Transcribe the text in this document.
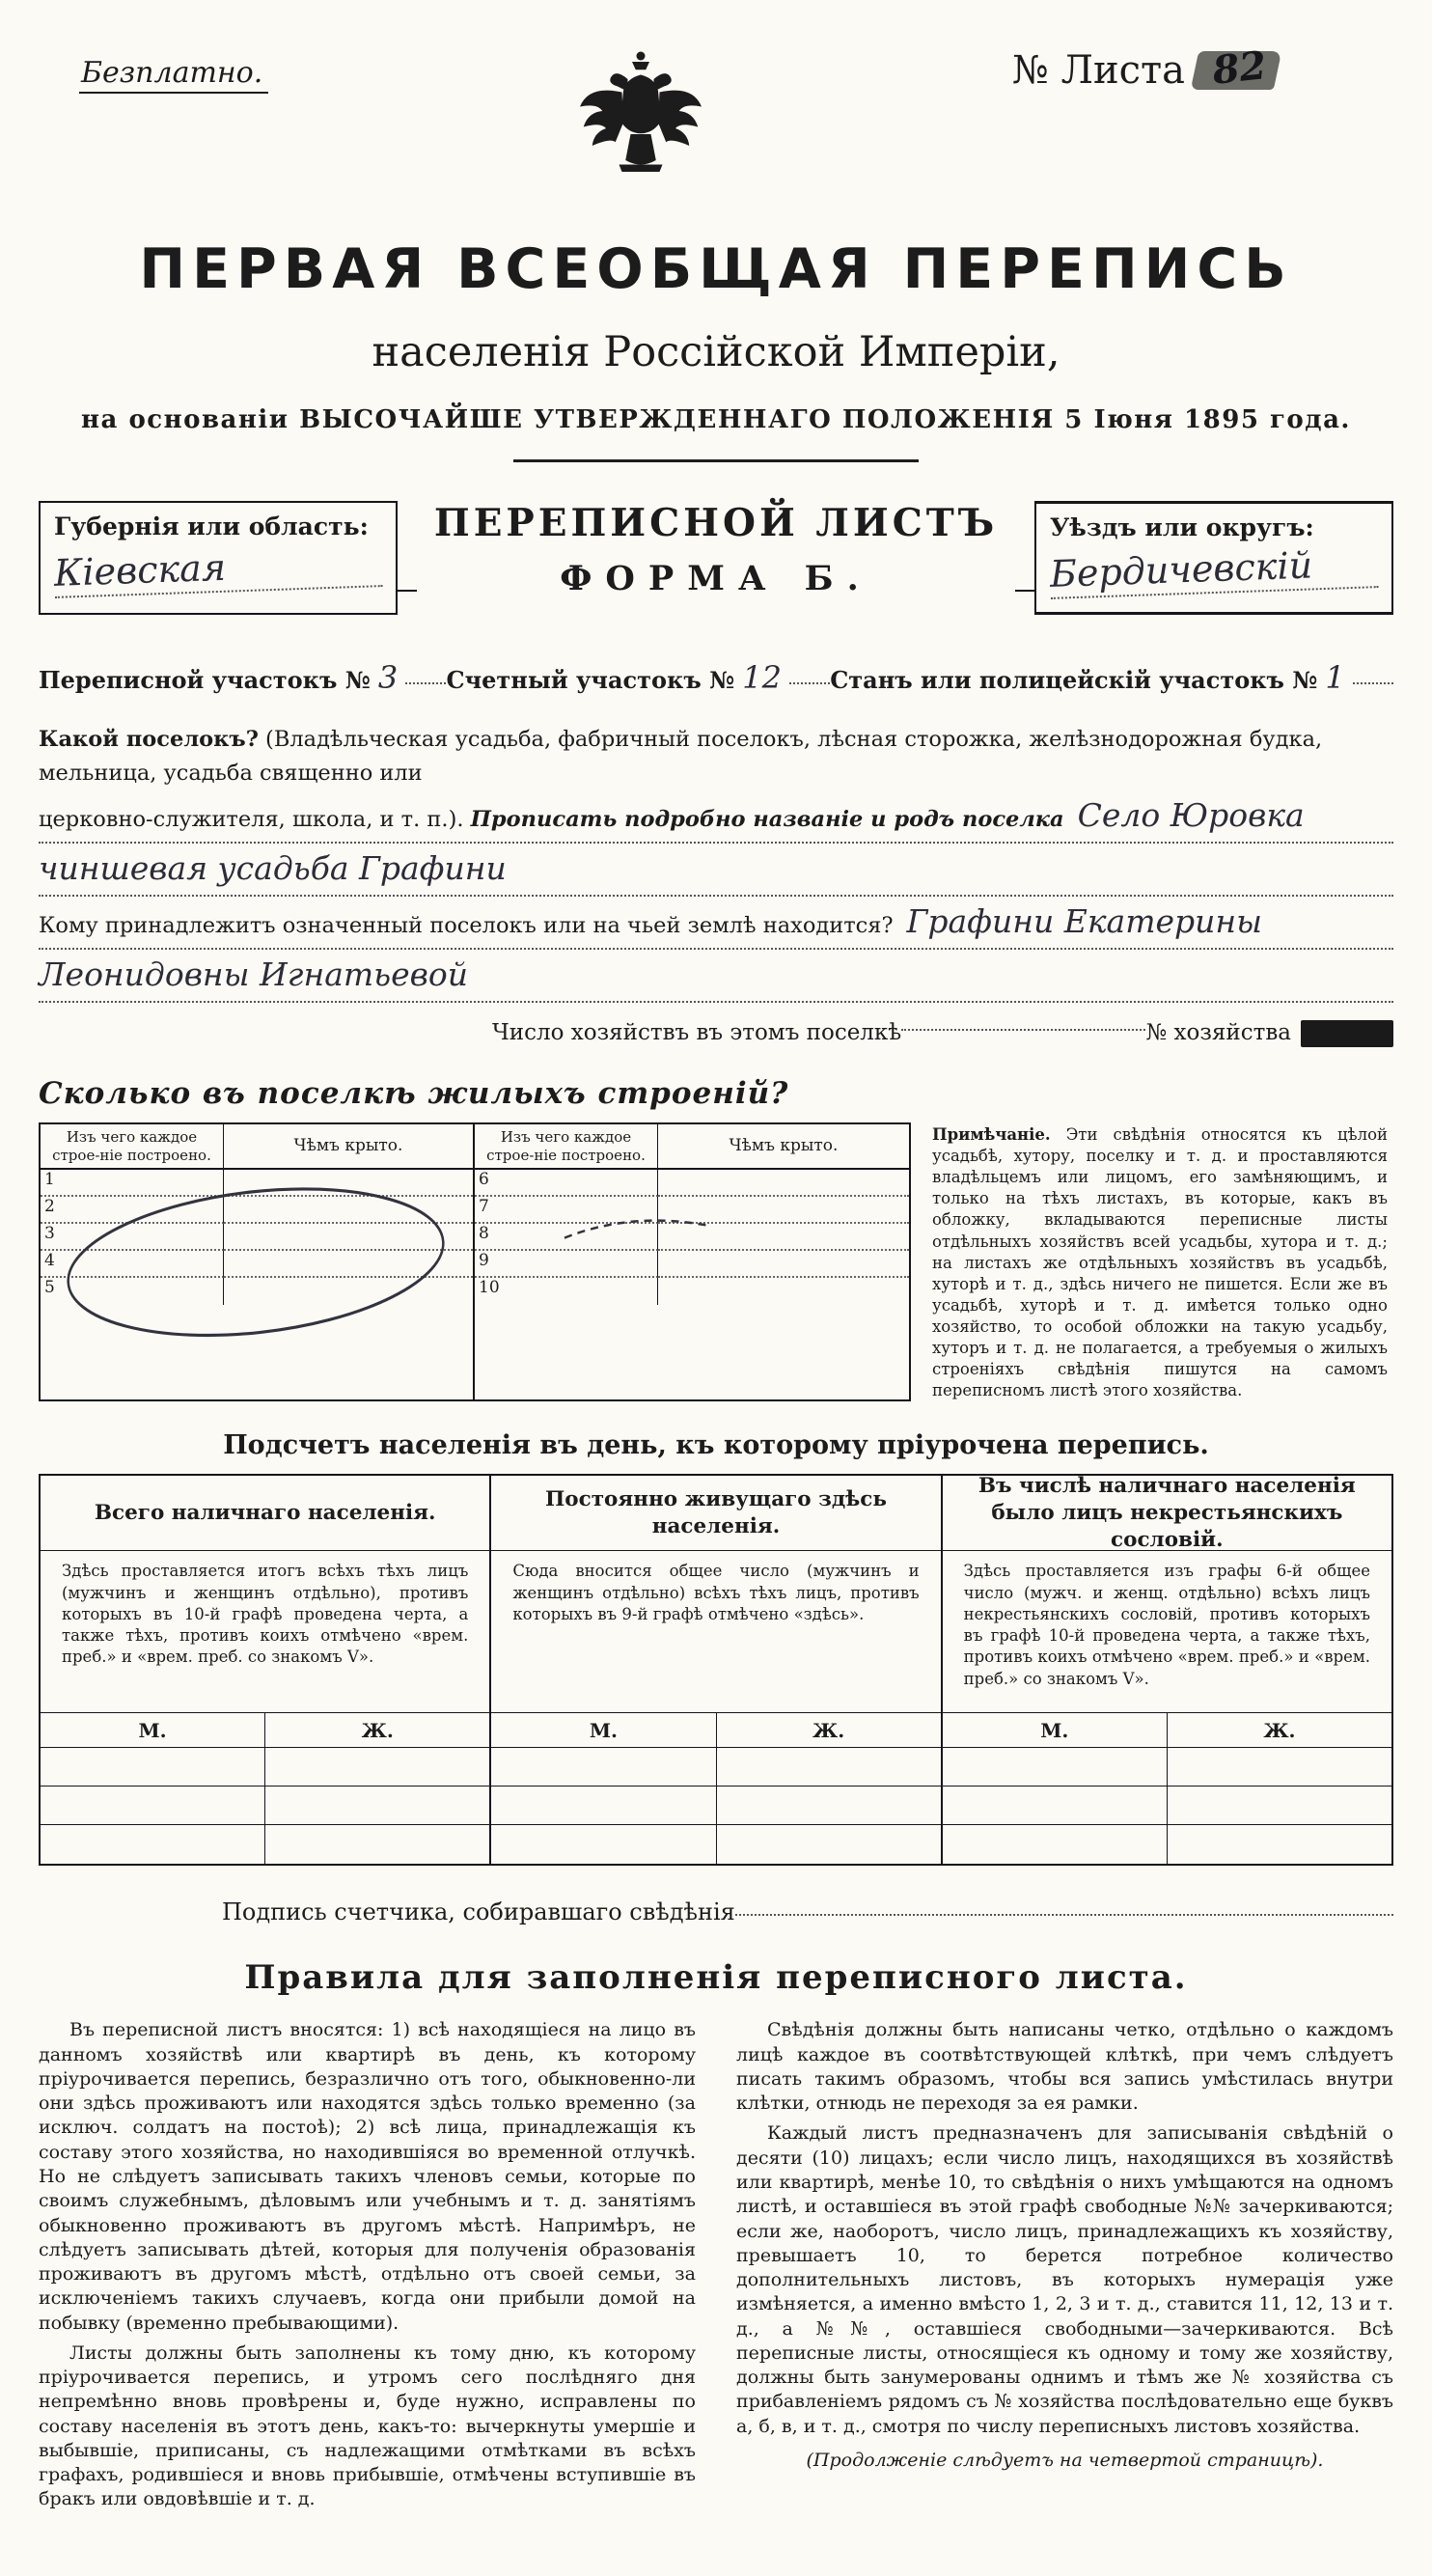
Безплатно.	№ Листа 82
ПЕРВАЯ ВСЕОБЩАЯ ПЕРЕПИСЬ
населенія Россійской Имперіи,
на основаніи ВЫСОЧАЙШЕ УТВЕРЖДЕННАГО ПОЛОЖЕНІЯ 5 Іюня 1895 года.
Губернія или область:
Кіевская
ПЕРЕПИСНОЙ ЛИСТЪ
ФОРМА Б.
Уѣздъ или округъ:
Бердичевскій
Переписной участокъ № 3	Счетный участокъ № 12	Станъ или полицейскій участокъ № 1
Какой поселокъ? (Владѣльческая усадьба, фабричный поселокъ, лѣсная сторожка, желѣзнодорожная будка, мельница, усадьба священно или
церковно-служителя, школа, и т. п.).
Прописать подробно названіе и родъ поселка Село Юровка
чиншевая усадьба Графини
Кому принадлежитъ означенный поселокъ или на чьей землѣ находится? Графини Екатерины
Леонидовны Игнатьевой
Число хозяйствъ въ этомъ поселкѣ	№ хозяйства
Сколько въ поселкѣ жилыхъ строеній?
Изъ чего каждое строе-ніе построено.	Чѣмъ крыто.
1
2
3
4
5
Изъ чего каждое строе-ніе построено.	Чѣмъ крыто.
6
7
8
9
10
Примѣчаніе. Эти свѣдѣнія относятся къ цѣлой усадьбѣ, хутору, поселку и т. д. и проставляются владѣльцемъ или лицомъ, его замѣняющимъ, и только на тѣхъ листахъ, въ которые, какъ въ обложку, вкладываются переписные листы отдѣльныхъ хозяйствъ всей усадьбы, хутора и т. д.; на листахъ же отдѣльныхъ хозяйствъ въ усадьбѣ, хуторѣ и т. д., здѣсь ничего не пишется. Если же въ усадьбѣ, хуторѣ и т. д. имѣется только одно хозяйство, то особой обложки на такую усадьбу, хуторъ и т. д. не полагается, а требуемыя о жилыхъ строеніяхъ свѣдѣнія пишутся на самомъ переписномъ листѣ этого хозяйства.
Подсчетъ населенія въ день, къ которому пріурочена перепись.
Всего наличнаго населенія.
Здѣсь проставляется итогъ всѣхъ тѣхъ лицъ (мужчинъ и женщинъ отдѣльно), противъ которыхъ въ 10-й графѣ проведена черта, а также тѣхъ, противъ коихъ отмѣчено «врем. преб.» и «врем. преб. со знакомъ V».
М.	Ж.
Постоянно живущаго здѣсь населенія.
Сюда вносится общее число (мужчинъ и женщинъ отдѣльно) всѣхъ тѣхъ лицъ, противъ которыхъ въ 9-й графѣ отмѣчено «здѣсь».
М.	Ж.
Въ числѣ наличнаго населенія было лицъ некрестьянскихъ сословій.
Здѣсь проставляется изъ графы 6-й общее число (мужч. и женщ. отдѣльно) всѣхъ лицъ некрестьянскихъ сословій, противъ которыхъ въ графѣ 10-й проведена черта, а также тѣхъ, противъ коихъ отмѣчено «врем. преб.» и «врем. преб.» со знакомъ V».
М.	Ж.
Подпись счетчика, собиравшаго свѣдѣнія
Правила для заполненія переписного листа.

Въ переписной листъ вносятся: 1) всѣ находящіеся на лицо въ данномъ хозяйствѣ или квартирѣ въ день, къ которому пріурочивается перепись, безразлично отъ того, обыкновенно-ли они здѣсь проживаютъ или находятся здѣсь только временно (за исключ. солдатъ на постоѣ); 2) всѣ лица, принадлежащія къ составу этого хозяйства, но находившіяся во временной отлучкѣ. Но не слѣдуетъ записывать такихъ членовъ семьи, которые по своимъ служебнымъ, дѣловымъ или учебнымъ и т. д. занятіямъ обыкновенно проживаютъ въ другомъ мѣстѣ. Напримѣръ, не слѣдуетъ записывать дѣтей, которыя для полученія образованія проживаютъ въ другомъ мѣстѣ, отдѣльно отъ своей семьи, за исключеніемъ такихъ случаевъ, когда они прибыли домой на побывку (временно пребывающими).

Листы должны быть заполнены къ тому дню, къ которому пріурочивается перепись, и утромъ сего послѣдняго дня непремѣнно вновь провѣрены и, буде нужно, исправлены по составу населенія въ этотъ день, какъ-то: вычеркнуты умершіе и выбывшіе, приписаны, съ надлежащими отмѣтками въ всѣхъ графахъ, родившіеся и вновь прибывшіе, отмѣчены вступившіе въ бракъ или овдовѣвшіе и т. д.

Свѣдѣнія должны быть написаны четко, отдѣльно о каждомъ лицѣ каждое въ соотвѣтствующей клѣткѣ, при чемъ слѣдуетъ писать такимъ образомъ, чтобы вся запись умѣстилась внутри клѣтки, отнюдь не переходя за ея рамки.

Каждый листъ предназначенъ для записыванія свѣдѣній о десяти (10) лицахъ; если число лицъ, находящихся въ хозяйствѣ или квартирѣ, менѣе 10, то свѣдѣнія о нихъ умѣщаются на одномъ листѣ, и оставшіеся въ этой графѣ свободные №№ зачеркиваются; если же, наоборотъ, число лицъ, принадлежащихъ къ хозяйству, превышаетъ 10, то берется потребное количество дополнительныхъ листовъ, въ которыхъ нумерація уже измѣняется, а именно вмѣсто 1, 2, 3 и т. д., ставится 11, 12, 13 и т. д., а №№, оставшіеся свободными—зачеркиваются. Всѣ переписные листы, относящіеся къ одному и тому же хозяйству, должны быть занумерованы однимъ и тѣмъ же № хозяйства съ прибавленіемъ рядомъ съ № хозяйства послѣдовательно еще буквъ а, б, в, и т. д., смотря по числу переписныхъ листовъ хозяйства.

(Продолженіе слѣдуетъ на четвертой страницѣ).
